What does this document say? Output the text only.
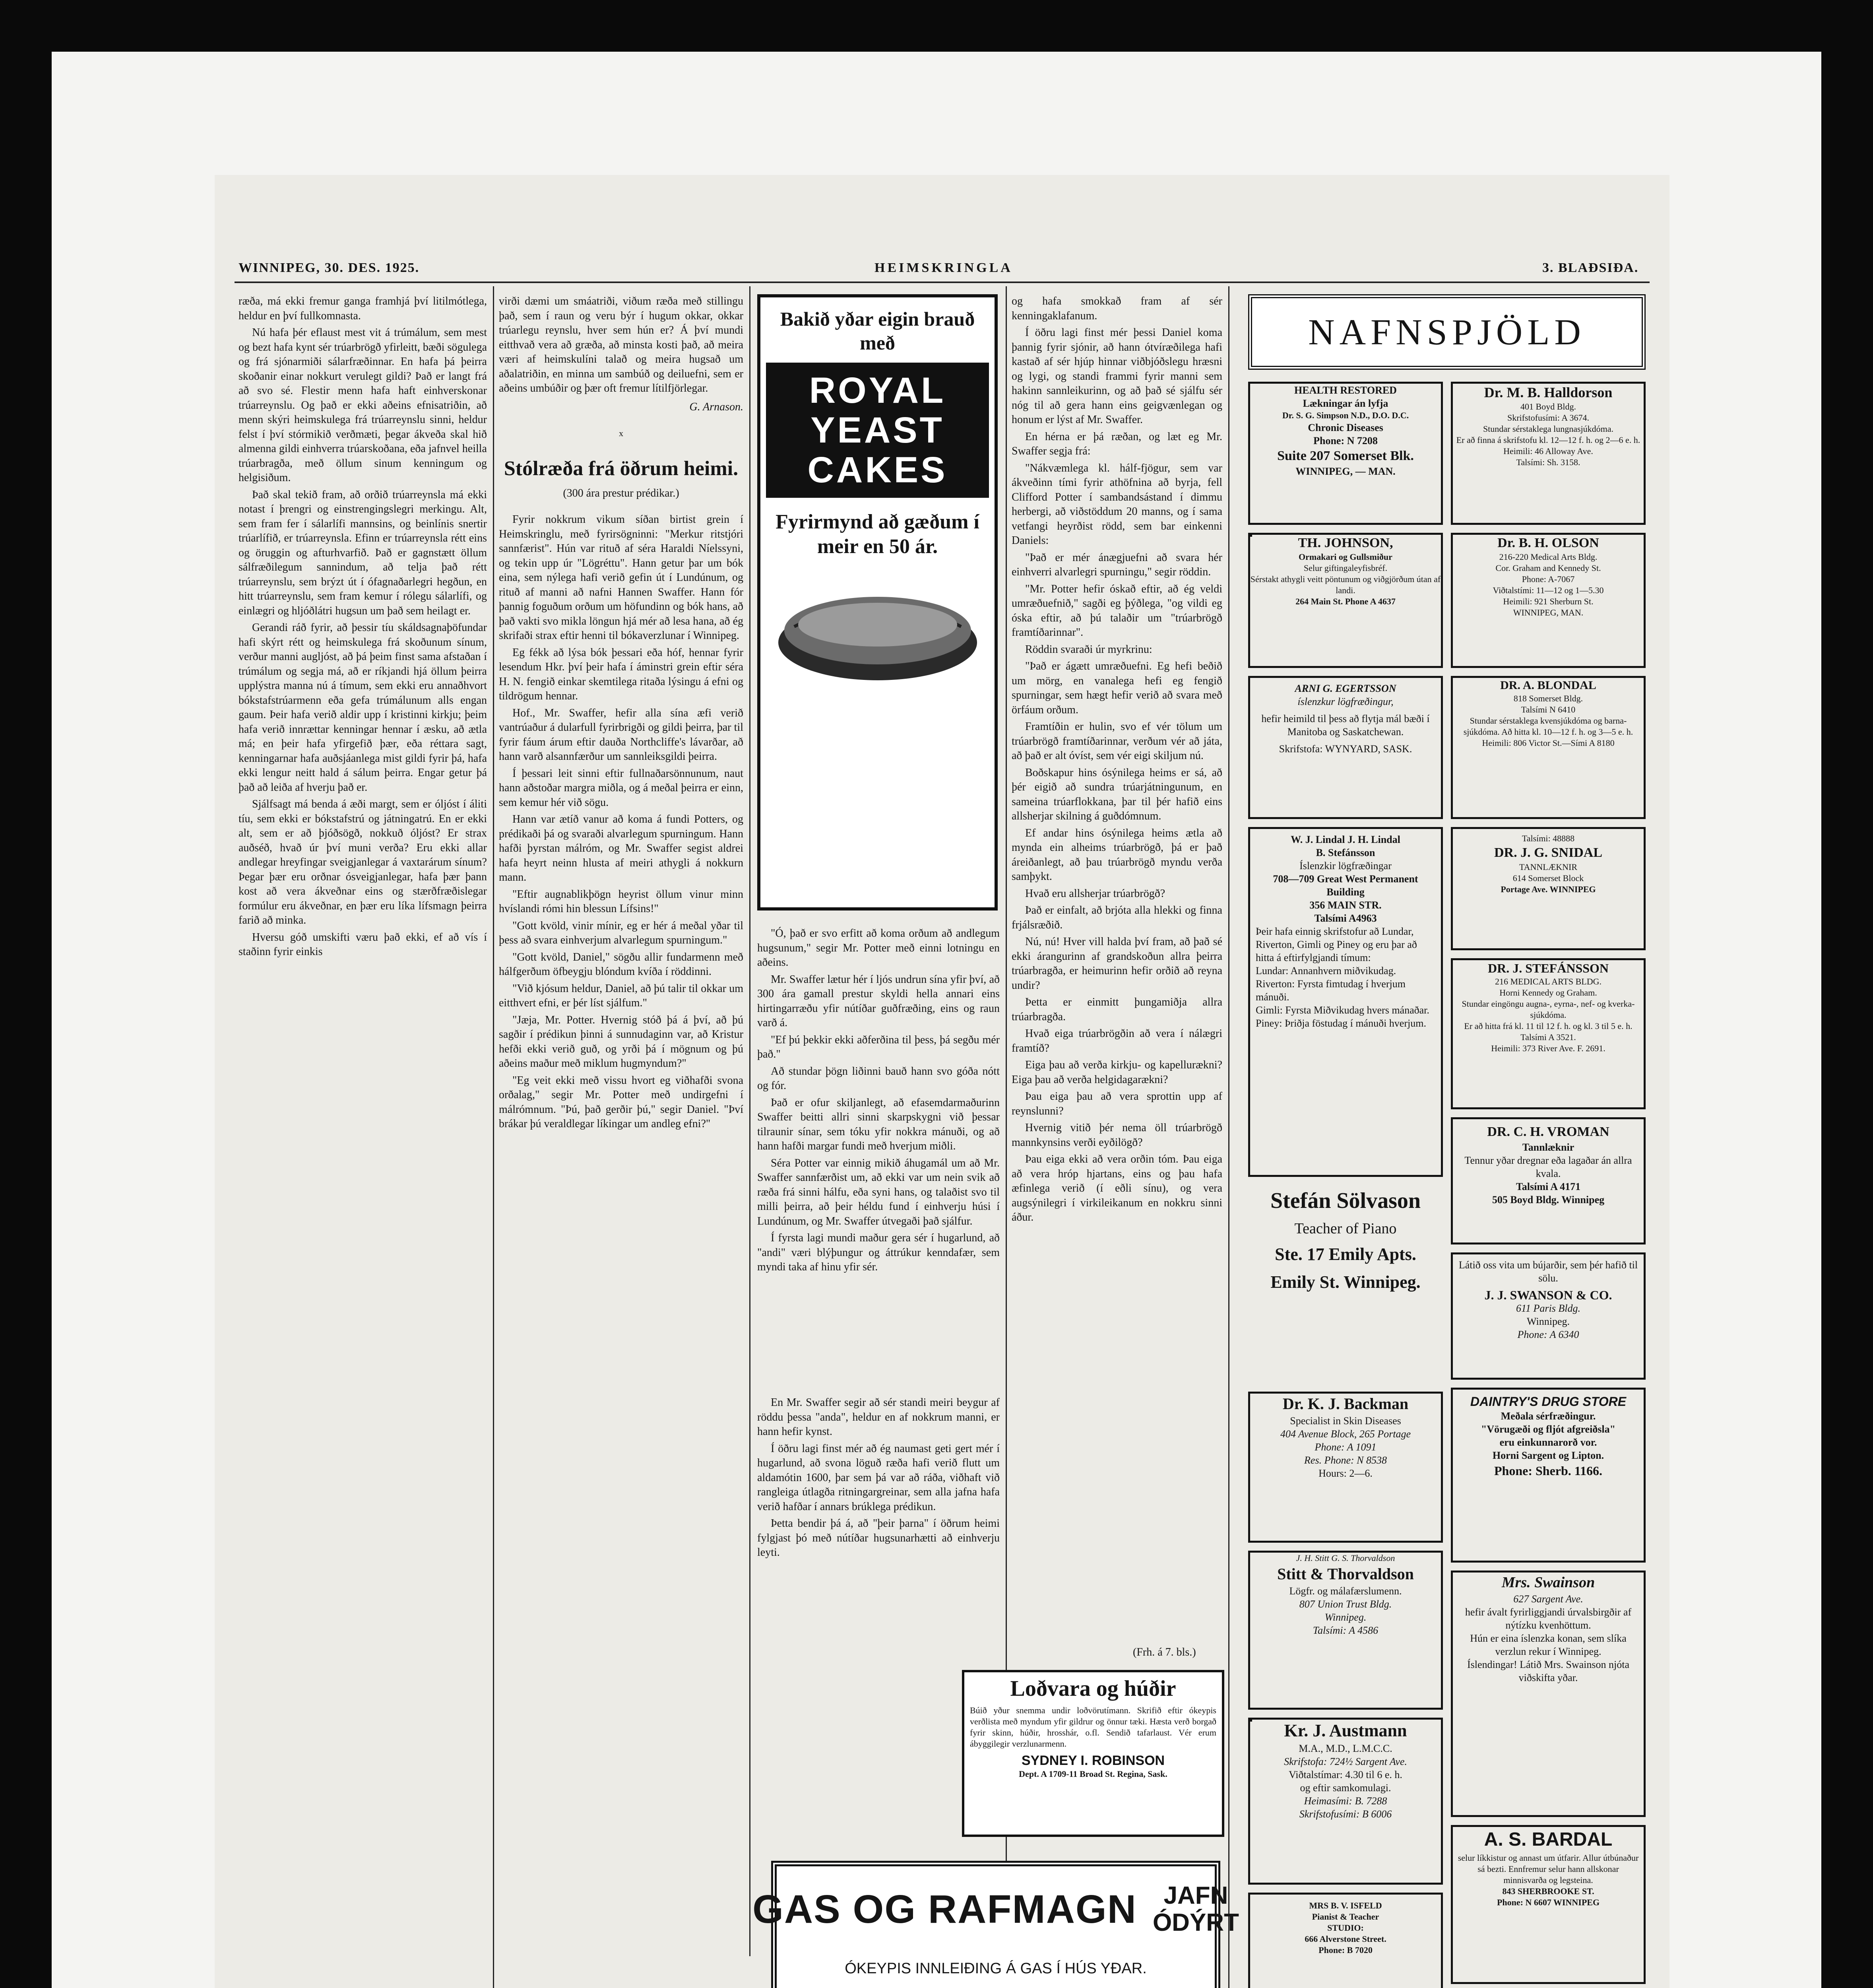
WINNIPEG, 30. DES. 1925.	HEIMSKRINGLA	3. BLAÐSIÐA.

ræða, má ekki fremur ganga framhjá því litilmótlega, heldur en því fullkomnasta.

Nú hafa þér eflaust mest vit á trúmálum, sem mest og bezt hafa kynt sér trúarbrögð yfirleitt, bæði sögulega og frá sjónarmiði sálarfræðinnar. En hafa þá þeirra skoðanir einar nokkurt verulegt gildi? Það er langt frá að svo sé. Flestir menn hafa haft einhverskonar trúarreynslu. Og það er ekki aðeins efnisatriðin, að menn skýri heimskulega frá trúarreynslu sinni, heldur felst í því stórmikið verðmæti, þegar ákveða skal hið almenna gildi einhverra trúarskoðana, eða jafnvel heilla trúarbragða, með öllum sinum kenningum og helgisiðum.

Það skal tekið fram, að orðið trúarreynsla má ekki notast í þrengri og einstrengingslegri merkingu. Alt, sem fram fer í sálarlífi mannsins, og beinlínis snertir trúarlífið, er trúarreynsla. Efinn er trúarreynsla rétt eins og öruggin og afturhvarfið. Það er gagnstætt öllum sálfræðilegum sannindum, að telja það rétt trúarreynslu, sem brýzt út í ófagnaðarlegri hegðun, en hitt trúarreynslu, sem fram kemur í rólegu sálarlífi, og einlægri og hljóðlátri hugsun um það sem heilagt er.

Gerandi ráð fyrir, að þessir tíu skáldsagnaþöfundar hafi skýrt rétt og heimskulega frá skoðunum sínum, verður manni augljóst, að þá þeim finst sama afstaðan í trúmálum og segja má, að er ríkjandi hjá öllum þeirra upplýstra manna nú á tímum, sem ekki eru annaðhvort bókstafstrúarmenn eða gefa trúmálunum alls engan gaum. Þeir hafa verið aldir upp í kristinni kirkju; þeim hafa verið innrættar kenningar hennar í æsku, að ætla má; en þeir hafa yfirgefið þær, eða réttara sagt, kenningarnar hafa auðsjáanlega mist gildi fyrir þá, hafa ekki lengur neitt hald á sálum þeirra. Engar getur þá það að leiða af hverju það er.

Sjálfsagt má benda á æði margt, sem er óljóst í áliti tíu, sem ekki er bókstafstrú og játningatrú. En er ekki alt, sem er að þjóðsögð, nokkuð óljóst? Er strax auðséð, hvað úr því muni verða? Eru ekki allar andlegar hreyfingar sveigjanlegar á vaxtarárum sínum? Þegar þær eru orðnar ósveigjanlegar, hafa þær þann kost að vera ákveðnar eins og stærðfræðislegar formúlur eru ákveðnar, en þær eru líka lífsmagn þeirra farið að minka.

Hversu góð umskifti væru það ekki, ef að vís í staðinn fyrir einkis

virði dæmi um smáatriði, viðum ræða með stillingu það, sem í raun og veru býr í hugum okkar, okkar trúarlegu reynslu, hver sem hún er? Á því mundi eitthvað vera að græða, að minsta kosti það, að meira væri af heimskulíni talað og meira hugsað um aðalatriðin, en minna um sambúð og deiluefni, sem er aðeins umbúðir og þær oft fremur lítilfjörlegar.

G. Arnason.
x
Stólræða frá öðrum heimi.
(300 ára prestur prédikar.)

Fyrir nokkrum vikum síðan birtist grein í Heimskringlu, með fyrirsögninni: "Merkur ritstjóri sannfærist". Hún var rituð af séra Haraldi Níelssyni, og tekin upp úr "Lögréttu". Hann getur þar um bók eina, sem nýlega hafi verið gefin út í Lundúnum, og rituð af manni að nafni Hannen Swaffer. Hann fór þannig foguðum orðum um höfundinn og bók hans, að það vakti svo mikla löngun hjá mér að lesa hana, að ég skrifaði strax eftir henni til bókaverzlunar í Winnipeg.

Eg fékk að lýsa bók þessari eða hóf, hennar fyrir lesendum Hkr. því þeir hafa í áminstri grein eftir séra H. N. fengið einkar skemtilega ritaða lýsingu á efni og tildrögum hennar.

Hof., Mr. Swaffer, hefir alla sína æfi verið vantrúaður á dularfull fyrirbrigði og gildi þeirra, þar til fyrir fáum árum eftir dauða Northcliffe's lávarðar, að hann varð alsannfærður um sannleiksgildi þeirra.

Í þessari leit sinni eftir fullnaðarsönnunum, naut hann aðstoðar margra miðla, og á meðal þeirra er einn, sem kemur hér við sögu.

Hann var ætíð vanur að koma á fundi Potters, og prédikaði þá og svaraði alvarlegum spurningum. Hann hafði þyrstan málróm, og Mr. Swaffer segist aldrei hafa heyrt neinn hlusta af meiri athygli á nokkurn mann.

"Eftir augnablikþögn heyrist öllum vinur minn hvíslandi rómi hin blessun Lífsins!"

"Gott kvöld, vinir mínir, eg er hér á meðal yðar til þess að svara einhverjum alvarlegum spurningum."

"Gott kvöld, Daniel," sögðu allir fundarmenn með hálfgerðum öfbeygju blóndum kvíða í röddinni.

"Við kjósum heldur, Daniel, að þú talir til okkar um eitthvert efni, er þér líst sjálfum."

"Jæja, Mr. Potter. Hvernig stóð þá á því, að þú sagðir í prédikun þinni á sunnudaginn var, að Kristur hefði ekki verið guð, og yrði þá í mögnum og þú aðeins maður með miklum hugmyndum?"

"Eg veit ekki með vissu hvort eg viðhafði svona orðalag," segir Mr. Potter með undirgefni í málrómnum. "Þú, það gerðir þú," segir Daniel. "Því brákar þú veraldlegar líkingar um andleg efni?"

Bakið yðar eigin brauð með
ROYAL
YEAST
CAKES
Fyrirmynd að gæðum í meir en 50 ár.

"Ó, það er svo erfitt að koma orðum að andlegum hugsunum," segir Mr. Potter með einni lotningu en aðeins.

Mr. Swaffer lætur hér í ljós undrun sína yfir því, að 300 ára gamall prestur skyldi hella annari eins hirtingarræðu yfir nútíðar guðfræðing, eins og raun varð á.

"Ef þú þekkir ekki aðferðina til þess, þá segðu mér það."

Að stundar þögn liðinni bauð hann svo góða nótt og fór.

Það er ofur skiljanlegt, að efasemdarmaðurinn Swaffer beitti allri sinni skarpskygni við þessar tilraunir sínar, sem tóku yfir nokkra mánuði, og að hann hafði margar fundi með hverjum miðli.

Séra Potter var einnig mikið áhugamál um að Mr. Swaffer sannfærðist um, að ekki var um nein svik að ræða frá sinni hálfu, eða syni hans, og talaðist svo til milli þeirra, að þeir héldu fund í einhverju húsi í Lundúnum, og Mr. Swaffer útvegaði það sjálfur.

Í fyrsta lagi mundi maður gera sér í hugarlund, að "andi" væri blýþungur og áttrúkur kenndafær, sem myndi taka af hinu yfir sér.

og hafa smokkað fram af sér kenningaklafanum.

Í öðru lagi finst mér þessi Daniel koma þannig fyrir sjónir, að hann ótvíræðilega hafi kastað af sér hjúp hinnar viðbjóðslegu hræsni og lygi, og standi frammi fyrir manni sem hakinn sannleikurinn, og að það sé sjálfu sér nóg til að gera hann eins geigvænlegan og honum er lýst af Mr. Swaffer.

En hérna er þá ræðan, og læt eg Mr. Swaffer segja frá:

"Nákvæmlega kl. hálf-fjögur, sem var ákveðinn tími fyrir athöfnina að byrja, fell Clifford Potter í sambandsástand í dimmu herbergi, að viðstöddum 20 manns, og í sama vetfangi heyrðist rödd, sem bar einkenni Daniels:

"Það er mér ánægjuefni að svara hér einhverri alvarlegri spurningu," segir röddin.

"Mr. Potter hefir óskað eftir, að ég veldi umræðuefnið," sagði eg þýðlega, "og vildi eg óska eftir, að þú talaðir um "trúarbrögð framtíðarinnar".

Röddin svaraði úr myrkrinu:

"Það er ágætt umræðuefni. Eg hefi beðið um mörg, en vanalega hefi eg fengið spurningar, sem hægt hefir verið að svara með örfáum orðum.

Framtíðin er hulin, svo ef vér tölum um trúarbrögð framtíðarinnar, verðum vér að játa, að það er alt óvíst, sem vér eigi skiljum nú.

Boðskapur hins ósýnilega heims er sá, að þér eigið að sundra trúarjátningunum, en sameina trúarflokkana, þar til þér hafið eins allsherjar skilning á guðdómnum.

Ef andar hins ósýnilega heims ætla að mynda ein alheims trúarbrögð, þá er það áreiðanlegt, að þau trúarbrögð myndu verða samþykt.

Hvað eru allsherjar trúarbrögð?

Það er einfalt, að brjóta alla hlekki og finna frjálsræðið.

Nú, nú! Hver vill halda því fram, að það sé ekki árangurinn af grandskoðun allra þeirra trúarbragða, er heimurinn hefir orðið að reyna undir?

Þetta er einmitt þungamiðja allra trúarbragða.

Hvað eiga trúarbrögðin að vera í nálægri framtíð?

Eiga þau að verða kirkju- og kapellurækni? Eiga þau að verða helgidagarækni?

Þau eiga þau að vera sprottin upp af reynslunni?

Hvernig vitið þér nema öll trúarbrögð mannkynsins verði eyðilögð?

Þau eiga ekki að vera orðin tóm. Þau eiga að vera hróp hjartans, eins og þau hafa æfinlega verið (í eðli sínu), og vera augsýnilegri í virkileikanum en nokkru sinni áður.

En Mr. Swaffer segir að sér standi meiri beygur af röddu þessa "anda", heldur en af nokkrum manni, er hann hefir kynst.

Í öðru lagi finst mér að ég naumast geti gert mér í hugarlund, að svona löguð ræða hafi verið flutt um aldamótin 1600, þar sem þá var að ráða, viðhaft við rangleiga útlagða ritningargreinar, sem alla jafna hafa verið hafðar í annars brúklega prédikun.

Þetta bendir þá á, að "þeir þarna" í öðrum heimi fylgjast þó með nútíðar hugsunarhætti að einhverju leyti.

(Frh. á 7. bls.)
Loðvara og húðir
Búið yður snemma undir loðvörutímann. Skrifið eftir ókeypis verðlista með myndum yfir gildrur og önnur tæki. Hæsta verð borgað fyrir skinn, húðir, hrosshár, o.fl. Sendið tafarlaust. Vér erum ábyggilegir verzlunarmenn.
SYDNEY I. ROBINSON
Dept. A 1709-11 Broad St. Regina, Sask.
GAS OG RAFMAGN	JAFN
ÓDÝRT
ÓKEYPIS INNLEIÐING Á GAS Í HÚS YÐAR.
NAFNSPJÖLD
HEALTH RESTORED
Lækningar án lyfja
Dr. S. G. Simpson N.D., D.O. D.C.
Chronic Diseases
Phone: N 7208
Suite 207 Somerset Blk.
WINNIPEG, — MAN.
Dr. M. B. Halldorson
401 Boyd Bldg.
Skrifstofusími: A 3674.
Stundar sérstaklega lungnasjúkdóma.
Er að finna á skrifstofu kl. 12—12 f. h. og 2—6 e. h.
Heimili: 46 Alloway Ave.
Talsími: Sh. 3158.
TH. JOHNSON,
Ormakari og Gullsmiður
Selur giftingaleyfisbréf.
Sérstakt athygli veitt pöntunum og viðgjörðum útan af landi.
264 Main St. Phone A 4637
Dr. B. H. OLSON
216-220 Medical Arts Bldg.
Cor. Graham and Kennedy St.
Phone: A-7067
Viðtalstími: 11—12 og 1—5.30
Heimili: 921 Sherburn St.
WINNIPEG, MAN.
ARNI G. EGERTSSON
íslenzkur lögfræðingur,
hefir heimild til þess að flytja mál bæði í Manitoba og Saskatchewan.
Skrifstofa: WYNYARD, SASK.
DR. A. BLONDAL
818 Somerset Bldg.
Talsími N 6410
Stundar sérstaklega kvensjúkdóma og barna-sjúkdóma. Að hitta kl. 10—12 f. h. og 3—5 e. h.
Heimili: 806 Victor St.—Sími A 8180
W. J. Lindal J. H. Lindal
B. Stefánsson
Íslenzkir lögfræðingar
708—709 Great West Permanent Building
356 MAIN STR.
Talsími A4963
Þeir hafa einnig skrifstofur að Lundar, Riverton, Gimli og Piney og eru þar að hitta á eftirfylgjandi tímum:
Lundar: Annanhvern miðvikudag.
Riverton: Fyrsta fimtudag í hverjum mánuði.
Gimli: Fyrsta Miðvikudag hvers mánaðar.
Piney: Þriðja föstudag í mánuði hverjum.
Talsími: 48888
DR. J. G. SNIDAL
TANNLÆKNIR
614 Somerset Block
Portage Ave. WINNIPEG
DR. J. STEFÁNSSON
216 MEDICAL ARTS BLDG.
Horni Kennedy og Graham.
Stundar eingöngu augna-, eyrna-, nef- og kverka-sjúkdóma.
Er að hitta frá kl. 11 til 12 f. h. og kl. 3 til 5 e. h.
Talsími A 3521.
Heimili: 373 River Ave. F. 2691.
DR. C. H. VROMAN
Tannlæknir
Tennur yðar dregnar eða lagaðar án allra kvala.
Talsími A 4171
505 Boyd Bldg. Winnipeg
Stefán Sölvason
Teacher of Piano
Ste. 17 Emily Apts.
Emily St. Winnipeg.
Látið oss vita um bújarðir, sem þér hafið til sölu.
J. J. SWANSON & CO.
611 Paris Bldg.
Winnipeg.
Phone: A 6340
Dr. K. J. Backman
Specialist in Skin Diseases
404 Avenue Block, 265 Portage
Phone: A 1091
Res. Phone: N 8538
Hours: 2—6.
DAINTRY'S DRUG STORE
Meðala sérfræðingur.
"Vörugæði og fljót afgreiðsla"
eru einkunnarorð vor.
Horni Sargent og Lipton.
Phone: Sherb. 1166.
J. H. Stitt G. S. Thorvaldson
Stitt & Thorvaldson
Lögfr. og málafærslumenn.
807 Union Trust Bldg.
Winnipeg.
Talsími: A 4586
Mrs. Swainson
627 Sargent Ave.
hefir ávalt fyrirliggjandi úrvalsbirgðir af nýtízku kvenhöttum.
Hún er eina íslenzka konan, sem slíka verzlun rekur í Winnipeg.
Íslendingar! Látið Mrs. Swainson njóta viðskifta yðar.
Kr. J. Austmann
M.A., M.D., L.M.C.C.
Skrifstofa: 724½ Sargent Ave.
Viðtalstímar: 4.30 til 6 e. h.
og eftir samkomulagi.
Heimasími: B. 7288
Skrifstofusími: B 6006
A. S. BARDAL
selur líkkistur og annast um útfarir. Allur útbúnaður sá bezti. Ennfremur selur hann allskonar minnisvarða og legsteina.
843 SHERBROOKE ST.
Phone: N 6607 WINNIPEG
MRS B. V. ISFELD
Pianist & Teacher
STUDIO:
666 Alverstone Street.
Phone: B 7020
